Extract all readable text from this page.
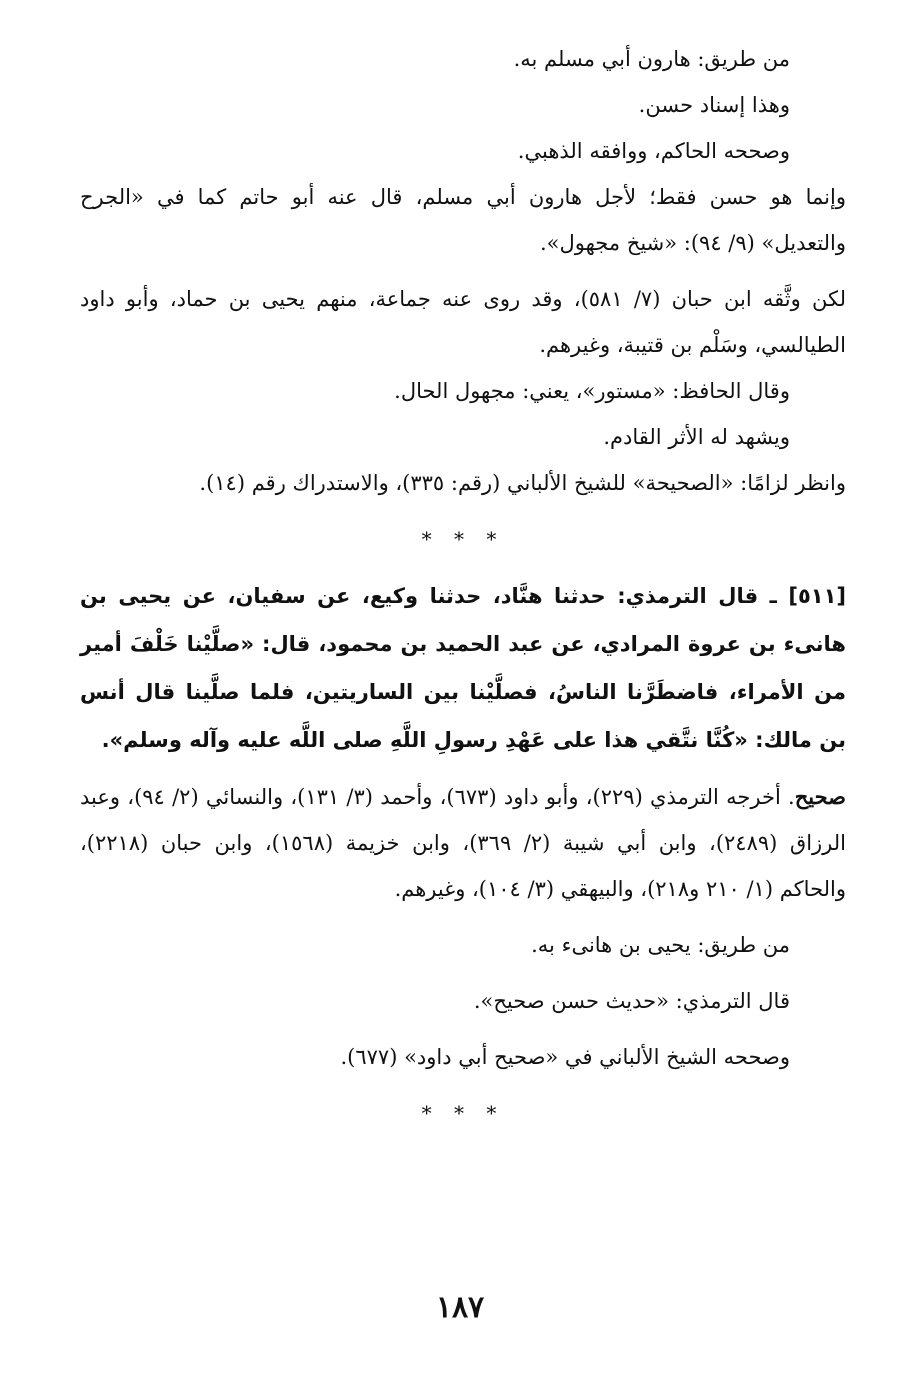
من طريق: هارون أبي مسلم به.

وهذا إسناد حسن.

وصححه الحاكم، ووافقه الذهبي.

وإنما هو حسن فقط؛ لأجل هارون أبي مسلم، قال عنه أبو حاتم كما في «الجرح والتعديل» (٩/ ٩٤): «شيخ مجهول».

لكن وثَّقه ابن حبان (٧/ ٥٨١)، وقد روى عنه جماعة، منهم يحيى بن حماد، وأبو داود الطيالسي، وسَلْم بن قتيبة، وغيرهم.

وقال الحافظ: «مستور»، يعني: مجهول الحال.

ويشهد له الأثر القادم.

وانظر لزامًا: «الصحيحة» للشيخ الألباني (رقم: ٣٣٥)، والاستدراك رقم (١٤).

* * *

[٥١١] ـ قال الترمذي: حدثنا هنَّاد، حدثنا وكيع، عن سفيان، عن يحيى بن هانىء بن عروة المرادي، عن عبد الحميد بن محمود، قال: «صلَّيْنا خَلْفَ أمير من الأمراء، فاضطَرَّنا الناسُ، فصلَّيْنا بين الساريتين، فلما صلَّينا قال أنس بن مالك: «كُنَّا نتَّقي هذا على عَهْدِ رسولِ اللَّهِ صلى اللَّه عليه وآله وسلم».

صحيح. أخرجه الترمذي (٢٢٩)، وأبو داود (٦٧٣)، وأحمد (٣/ ١٣١)، والنسائي (٢/ ٩٤)، وعبد الرزاق (٢٤٨٩)، وابن أبي شيبة (٢/ ٣٦٩)، وابن خزيمة (١٥٦٨)، وابن حبان (٢٢١٨)، والحاكم (١/ ٢١٠ و٢١٨)، والبيهقي (٣/ ١٠٤)، وغيرهم.

من طريق: يحيى بن هانىء به.

قال الترمذي: «حديث حسن صحيح».

وصححه الشيخ الألباني في «صحيح أبي داود» (٦٧٧).

* * *

١٨٧
